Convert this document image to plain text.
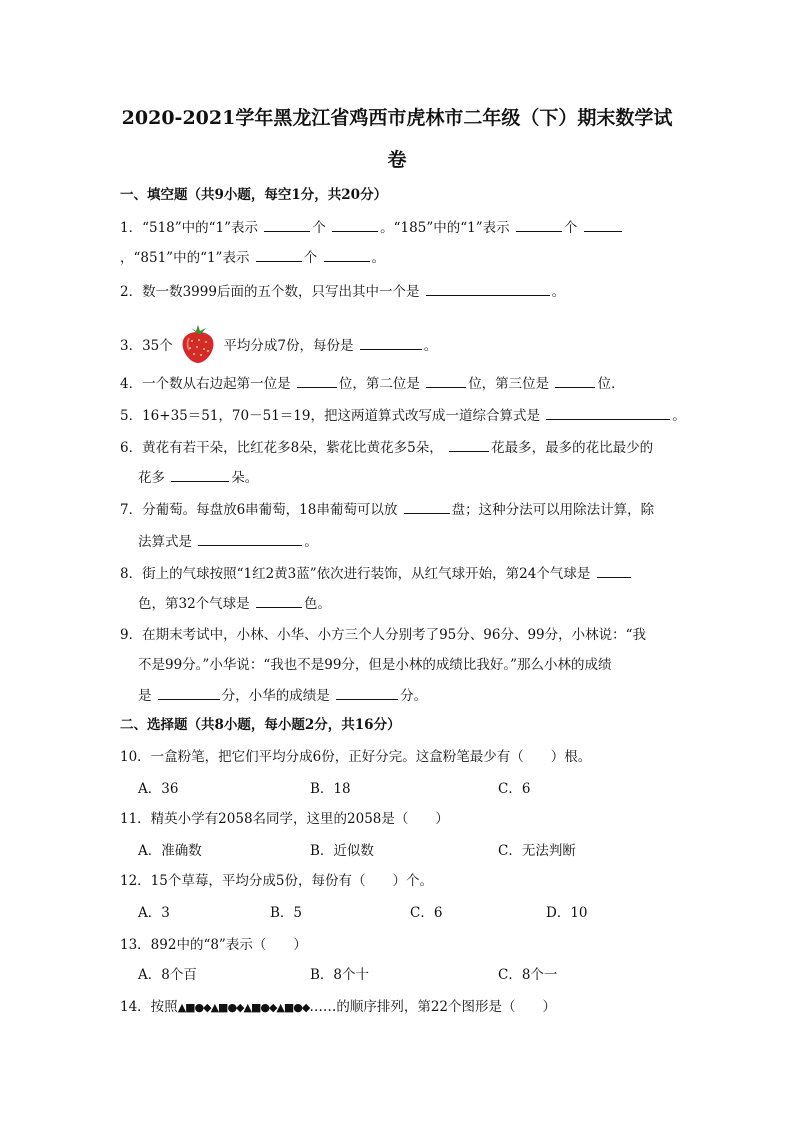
2020-2021学年黑龙江省鸡西市虎林市二年级（下）期末数学试
卷
一、填空题（共9小题，每空1分，共20分）
1．“518”中的“1”表示	个	。“185”中的“1”表示	个
，“851”中的“1”表示	个	。
2．数一数3999后面的五个数，只写出其中一个是	。
3．35个	平均分成7份，每份是	。
4．一个数从右边起第一位是	位，第二位是	位，第三位是	位．
5．16+35＝51，70－51＝19，把这两道算式改写成一道综合算式是	。
6．黄花有若干朵，比红花多8朵，紫花比黄花多5朵，	花最多，最多的花比最少的
花多	朵。
7．分葡萄。每盘放6串葡萄，18串葡萄可以放	盘；这种分法可以用除法计算，除
法算式是	。
8．街上的气球按照“1红2黄3蓝”依次进行装饰，从红气球开始，第24个气球是
色，第32个气球是	色。
9．在期末考试中，小林、小华、小方三个人分别考了95分、96分、99分，小林说：“我
不是99分。”小华说：“我也不是99分，但是小林的成绩比我好。”那么小林的成绩
是	分，小华的成绩是	分。
二、选择题（共8小题，每小题2分，共16分）
10．一盒粉笔，把它们平均分成6份，正好分完。这盒粉笔最少有（　　）根。
A．36	B．18	C．6
11．精英小学有2058名同学，这里的2058是（　　）
A．准确数	B．近似数	C．无法判断
12．15个草莓，平均分成5份，每份有（　　）个。
A．3	B．5	C．6	D．10
13．892中的“8”表示（　　）
A．8个百	B．8个十	C．8个一
14．按照▲■●◆▲■●◆▲■●◆▲■●◆……的顺序排列，第22个图形是（　　）
